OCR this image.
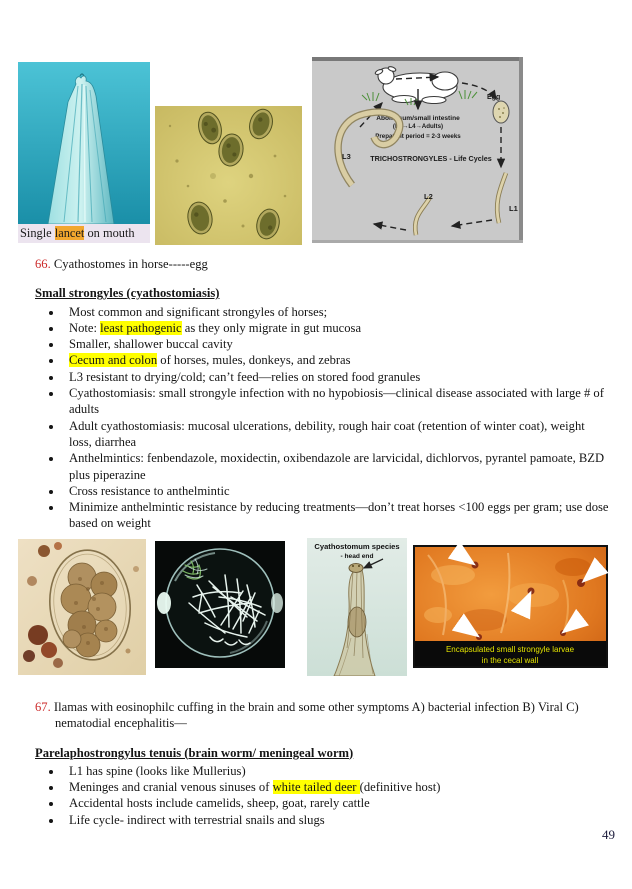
Single lancet on mouth
Abomasum/small intestine
(L3→L4→Adults)
Prepatent period = 2-3 weeks
TRICHOSTRONGYLES - Life Cycles
Egg
L3
L2
L1
66. Cyathostomes in horse-----egg
Small strongyles (cyathostomiasis)
• Most common and significant strongyles of horses;
• Note: least pathogenic as they only migrate in gut mucosa
• Smaller, shallower buccal cavity
• Cecum and colon of horses, mules, donkeys, and zebras
• L3 resistant to drying/cold; can’t feed—relies on stored food granules
• Cyathostomiasis: small strongyle infection with no hypobiosis—clinical disease associated with large # of adults
• Adult cyathostomiasis: mucosal ulcerations, debility, rough hair coat (retention of winter coat), weight loss, diarrhea
• Anthelmintics: fenbendazole, moxidectin, oxibendazole are larvicidal, dichlorvos, pyrantel pamoate, BZD plus piperazine
• Cross resistance to anthelmintic
• Minimize anthelmintic resistance by reducing treatments—don’t treat horses <100 eggs per gram; use dose based on weight
Cyathostomum species
- head end
Encapsulated small strongyle larvae
in the cecal wall
67. Ilamas with eosinophilc cuffing in the brain and some other symptoms A) bacterial infection B) Viral C)
nematodial encephalitis—
Parelaphostrongylus tenuis (brain worm/ meningeal worm)
• L1 has spine (looks like Mullerius)
• Meninges and cranial venous sinuses of white tailed deer (definitive host)
• Accidental hosts include camelids, sheep, goat, rarely cattle
• Life cycle- indirect with terrestrial snails and slugs
49
